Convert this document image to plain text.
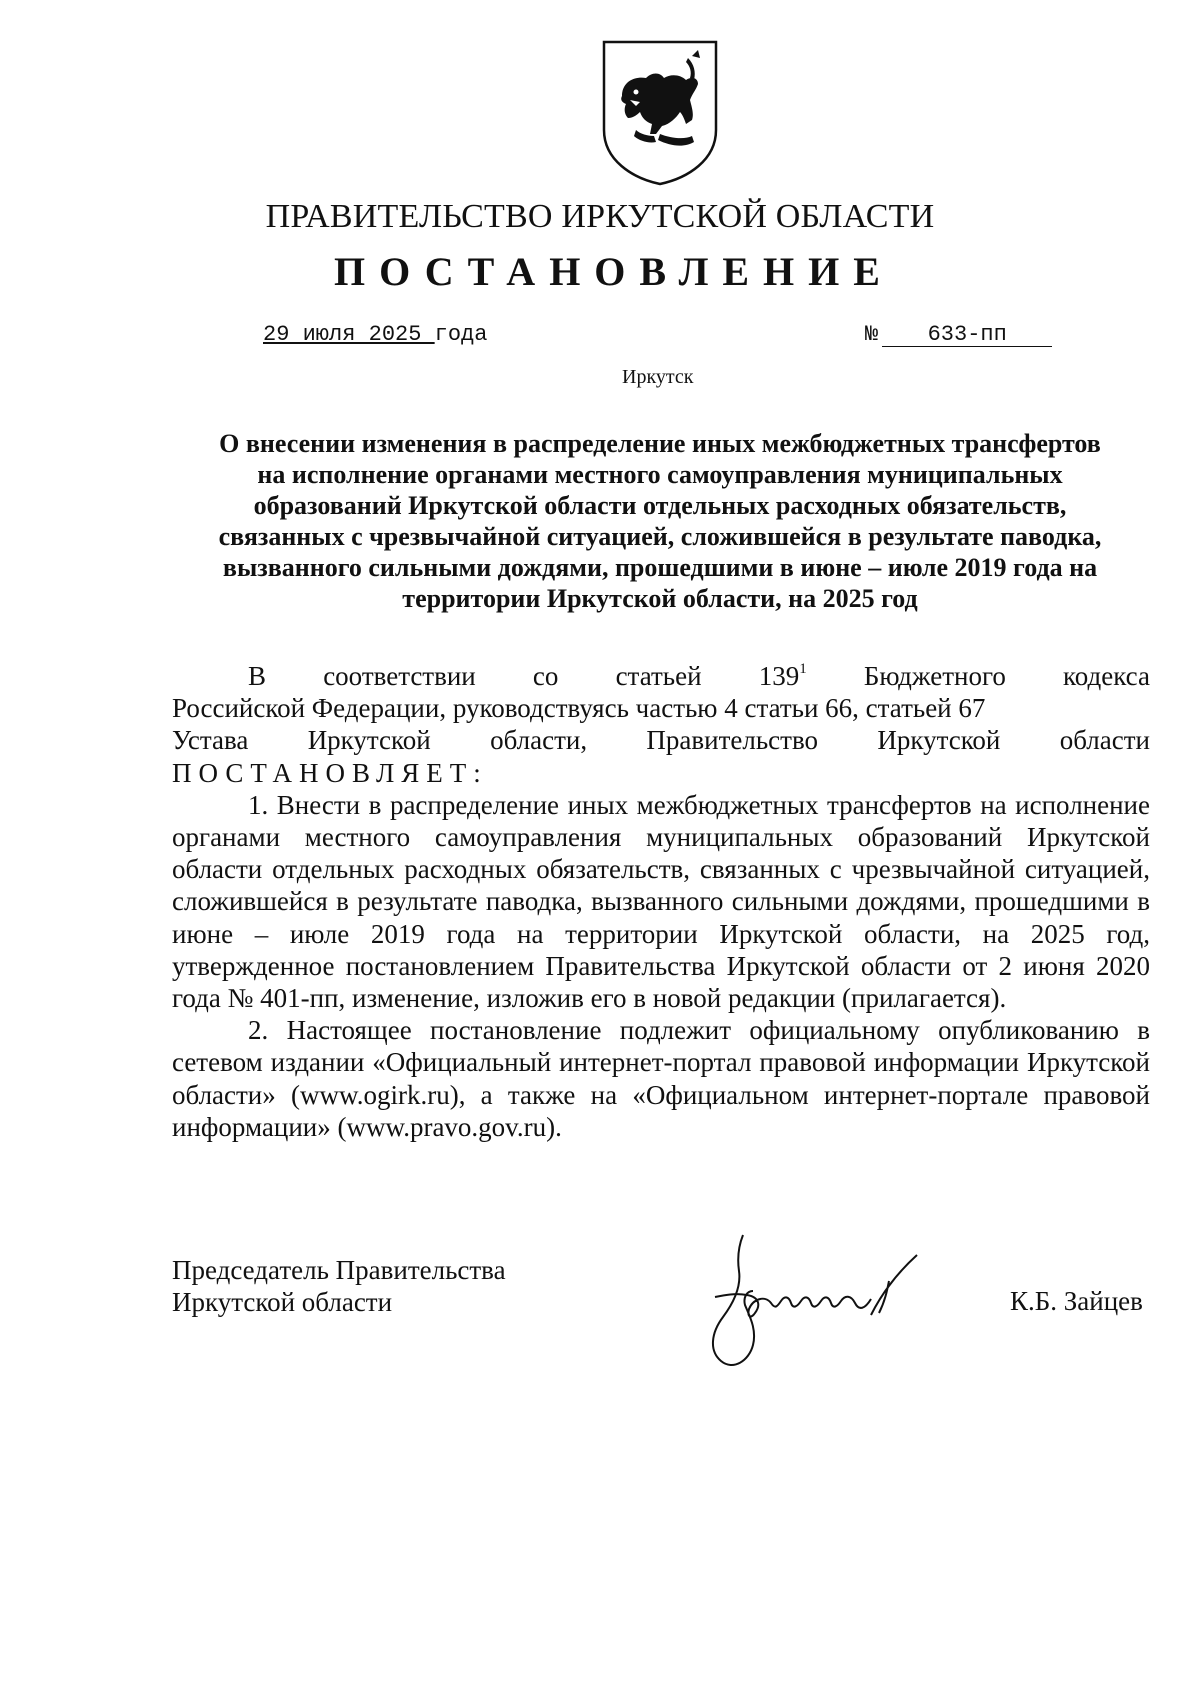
ПРАВИТЕЛЬСТВО ИРКУТСКОЙ ОБЛАСТИ
ПОСТАНОВЛЕНИЕ
29 июля 2025 года	№ 633-пп
Иркутск
О внесении изменения в распределение иных межбюджетных трансфертов
на исполнение органами местного самоуправления муниципальных
образований Иркутской области отдельных расходных обязательств,
связанных с чрезвычайной ситуацией, сложившейся в результате паводка,
вызванного сильными дождями, прошедшими в июне – июле 2019 года на
территории Иркутской области, на 2025 год
В соответствии со статьей $139^1$ Бюджетного кодекса
Российской Федерации, руководствуясь частью 4 статьи 66, статьей 67
Устава Иркутской области, Правительство Иркутской области

ПОСТАНОВЛЯЕТ:

1. Внести в распределение иных межбюджетных трансфертов на исполнение органами местного самоуправления муниципальных образований Иркутской области отдельных расходных обязательств, связанных с чрезвычайной ситуацией, сложившейся в результате паводка, вызванного сильными дождями, прошедшими в июне – июле 2019 года на территории Иркутской области, на 2025 год, утвержденное постановлением Правительства Иркутской области от 2 июня 2020 года № 401-пп, изменение, изложив его в новой редакции (прилагается).

2. Настоящее постановление подлежит официальному опубликованию в сетевом издании «Официальный интернет-портал правовой информации Иркутской области» (www.ogirk.ru), а также на «Официальном интернет-портале правовой информации» (www.pravo.gov.ru).

Председатель Правительства
Иркутской области	К.Б. Зайцев
